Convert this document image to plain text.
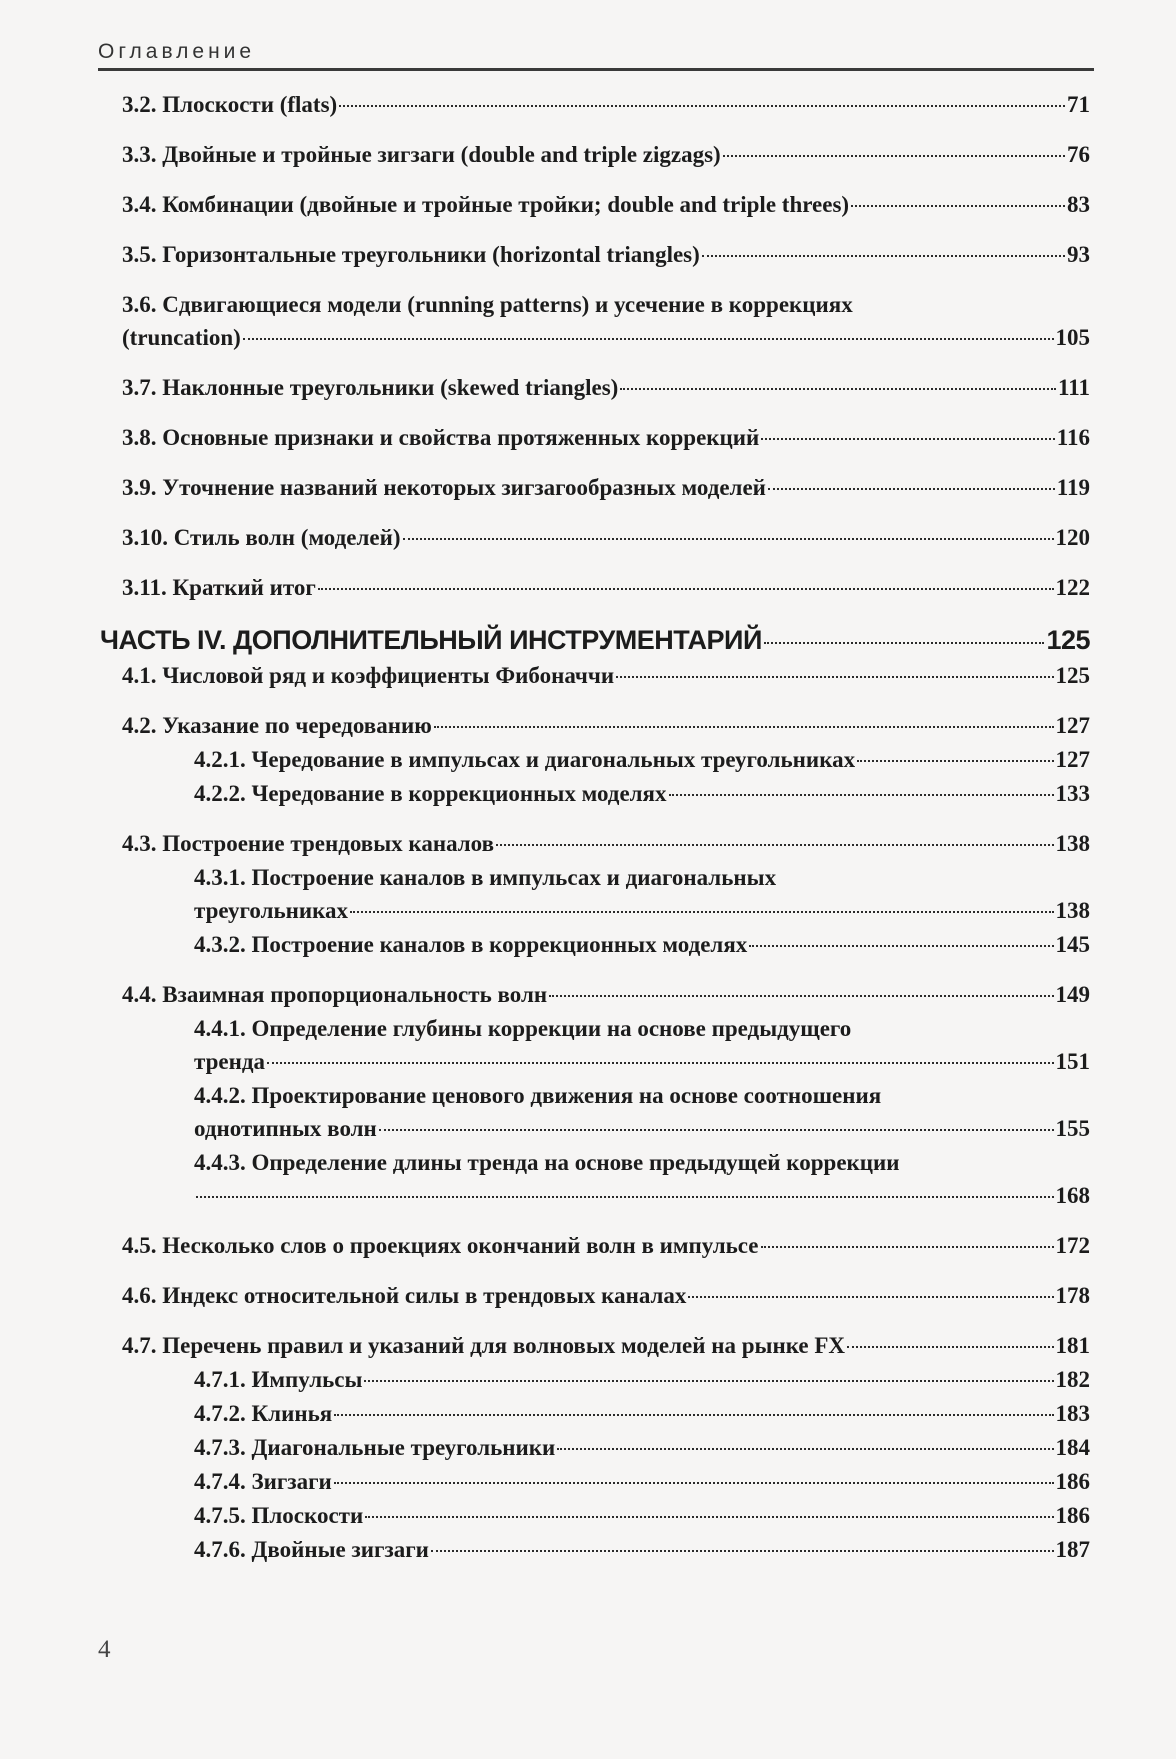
Оглавление
3.2. Плоскости (flats)	71
3.3. Двойные и тройные зигзаги (double and triple zigzags)	76
3.4. Комбинации (двойные и тройные тройки; double and triple threes)	83
3.5. Горизонтальные треугольники (horizontal triangles)	93
3.6. Сдвигающиеся модели (running patterns) и усечение в коррекциях
(truncation)	105
3.7. Наклонные треугольники (skewed triangles)	111
3.8. Основные признаки и свойства протяженных коррекций	116
3.9. Уточнение названий некоторых зигзагообразных моделей	119
3.10. Стиль волн (моделей)	120
3.11. Краткий итог	122
ЧАСТЬ IV. ДОПОЛНИТЕЛЬНЫЙ ИНСТРУМЕНТАРИЙ	125
4.1. Числовой ряд и коэффициенты Фибоначчи	125
4.2. Указание по чередованию	127
4.2.1. Чередование в импульсах и диагональных треугольниках	127
4.2.2. Чередование в коррекционных моделях	133
4.3. Построение трендовых каналов	138
4.3.1. Построение каналов в импульсах и диагональных
треугольниках	138
4.3.2. Построение каналов в коррекционных моделях	145
4.4. Взаимная пропорциональность волн	149
4.4.1. Определение глубины коррекции на основе предыдущего
тренда	151
4.4.2. Проектирование ценового движения на основе соотношения
однотипных волн	155
4.4.3. Определение длины тренда на основе предыдущей коррекции
168
4.5. Несколько слов о проекциях окончаний волн в импульсе	172
4.6. Индекс относительной силы в трендовых каналах	178
4.7. Перечень правил и указаний для волновых моделей на рынке FX	181
4.7.1. Импульсы	182
4.7.2. Клинья	183
4.7.3. Диагональные треугольники	184
4.7.4. Зигзаги	186
4.7.5. Плоскости	186
4.7.6. Двойные зигзаги	187
4
